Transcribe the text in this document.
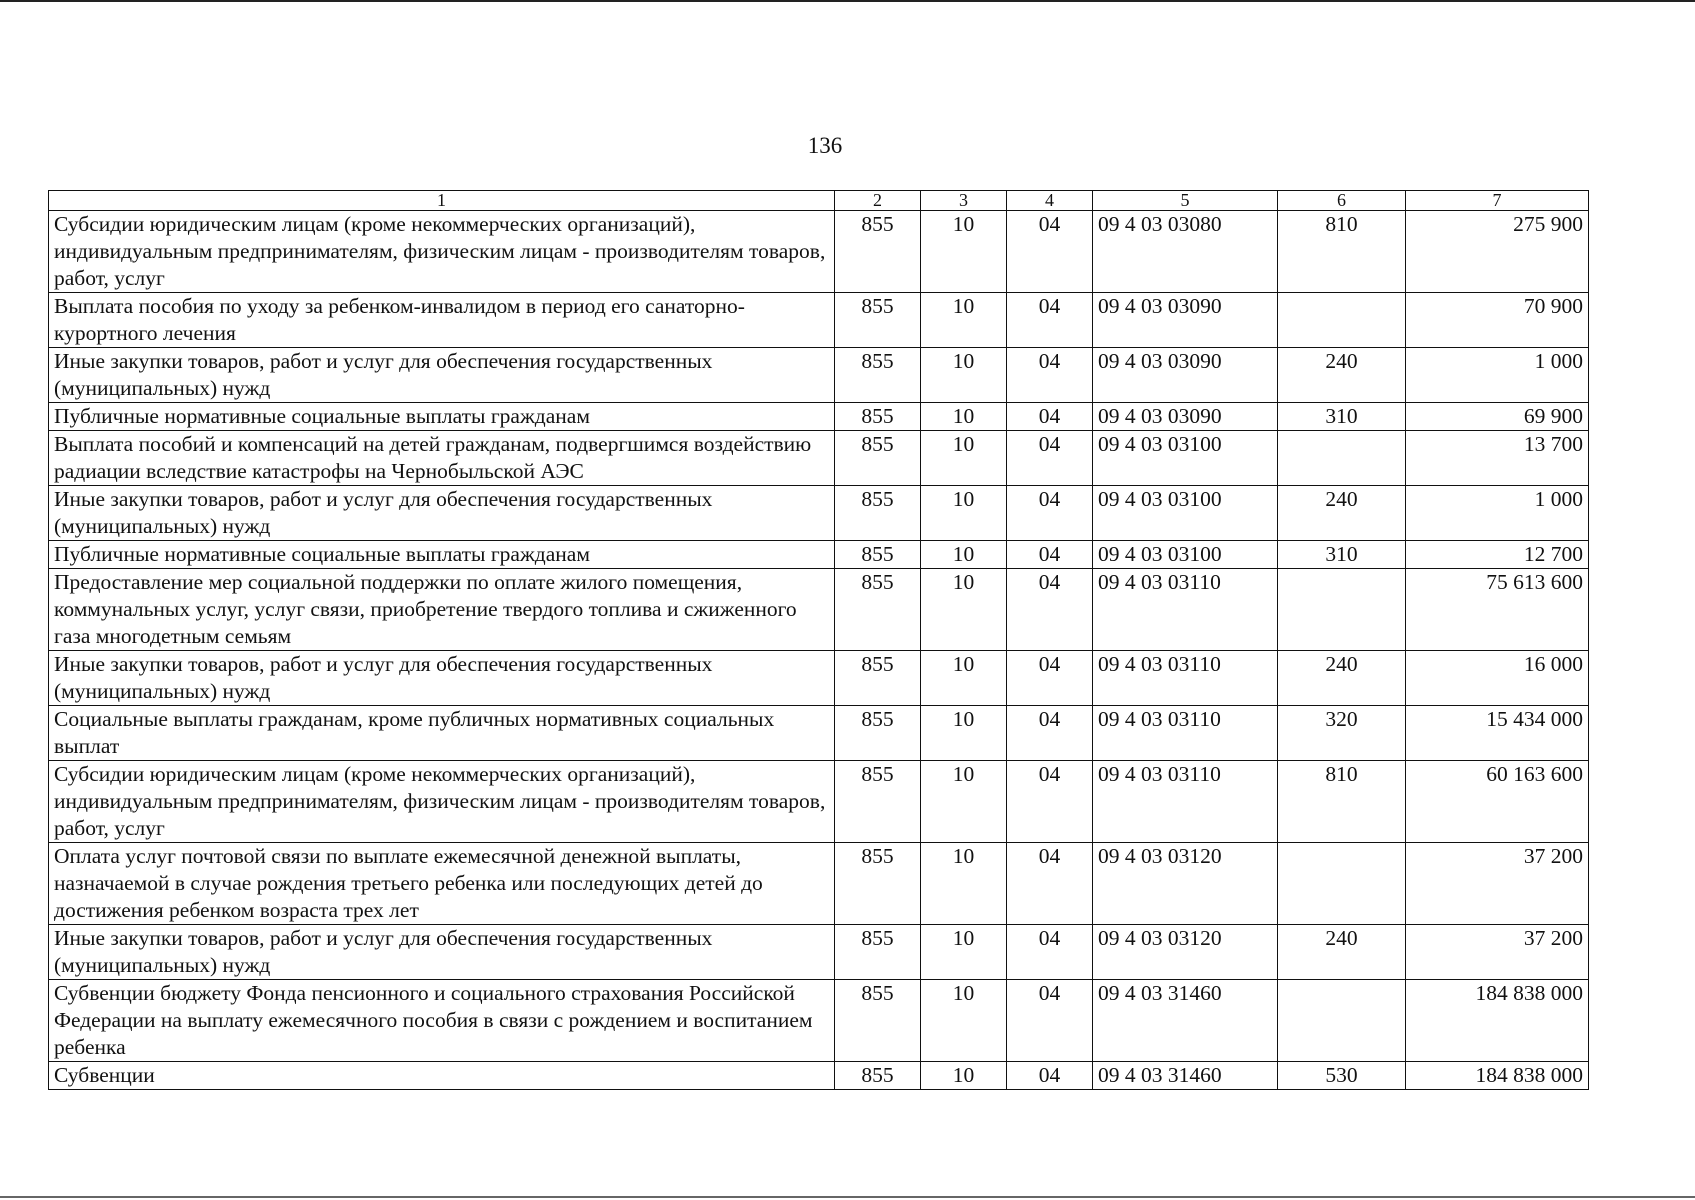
136
1	2	3	4	5	6	7
Субсидии юридическим лицам (кроме некоммерческих организаций), индивидуальным предпринимателям, физическим лицам - производителям товаров, работ, услуг	855	10	04	09 4 03 03080	810	275 900
Выплата пособия по уходу за ребенком-инвалидом в период его санаторно-курортного лечения	855	10	04	09 4 03 03090		70 900
Иные закупки товаров, работ и услуг для обеспечения государственных (муниципальных) нужд	855	10	04	09 4 03 03090	240	1 000
Публичные нормативные социальные выплаты гражданам	855	10	04	09 4 03 03090	310	69 900
Выплата пособий и компенсаций на детей гражданам, подвергшимся воздействию радиации вследствие катастрофы на Чернобыльской АЭС	855	10	04	09 4 03 03100		13 700
Иные закупки товаров, работ и услуг для обеспечения государственных (муниципальных) нужд	855	10	04	09 4 03 03100	240	1 000
Публичные нормативные социальные выплаты гражданам	855	10	04	09 4 03 03100	310	12 700
Предоставление мер социальной поддержки по оплате жилого помещения, коммунальных услуг, услуг связи, приобретение твердого топлива и сжиженного газа многодетным семьям	855	10	04	09 4 03 03110		75 613 600
Иные закупки товаров, работ и услуг для обеспечения государственных (муниципальных) нужд	855	10	04	09 4 03 03110	240	16 000
Социальные выплаты гражданам, кроме публичных нормативных социальных выплат	855	10	04	09 4 03 03110	320	15 434 000
Субсидии юридическим лицам (кроме некоммерческих организаций), индивидуальным предпринимателям, физическим лицам - производителям товаров, работ, услуг	855	10	04	09 4 03 03110	810	60 163 600
Оплата услуг почтовой связи по выплате ежемесячной денежной выплаты, назначаемой в случае рождения третьего ребенка или последующих детей до достижения ребенком возраста трех лет	855	10	04	09 4 03 03120		37 200
Иные закупки товаров, работ и услуг для обеспечения государственных (муниципальных) нужд	855	10	04	09 4 03 03120	240	37 200
Субвенции бюджету Фонда пенсионного и социального страхования Российской Федерации на выплату ежемесячного пособия в связи с рождением и воспитанием ребенка	855	10	04	09 4 03 31460		184 838 000
Субвенции	855	10	04	09 4 03 31460	530	184 838 000
